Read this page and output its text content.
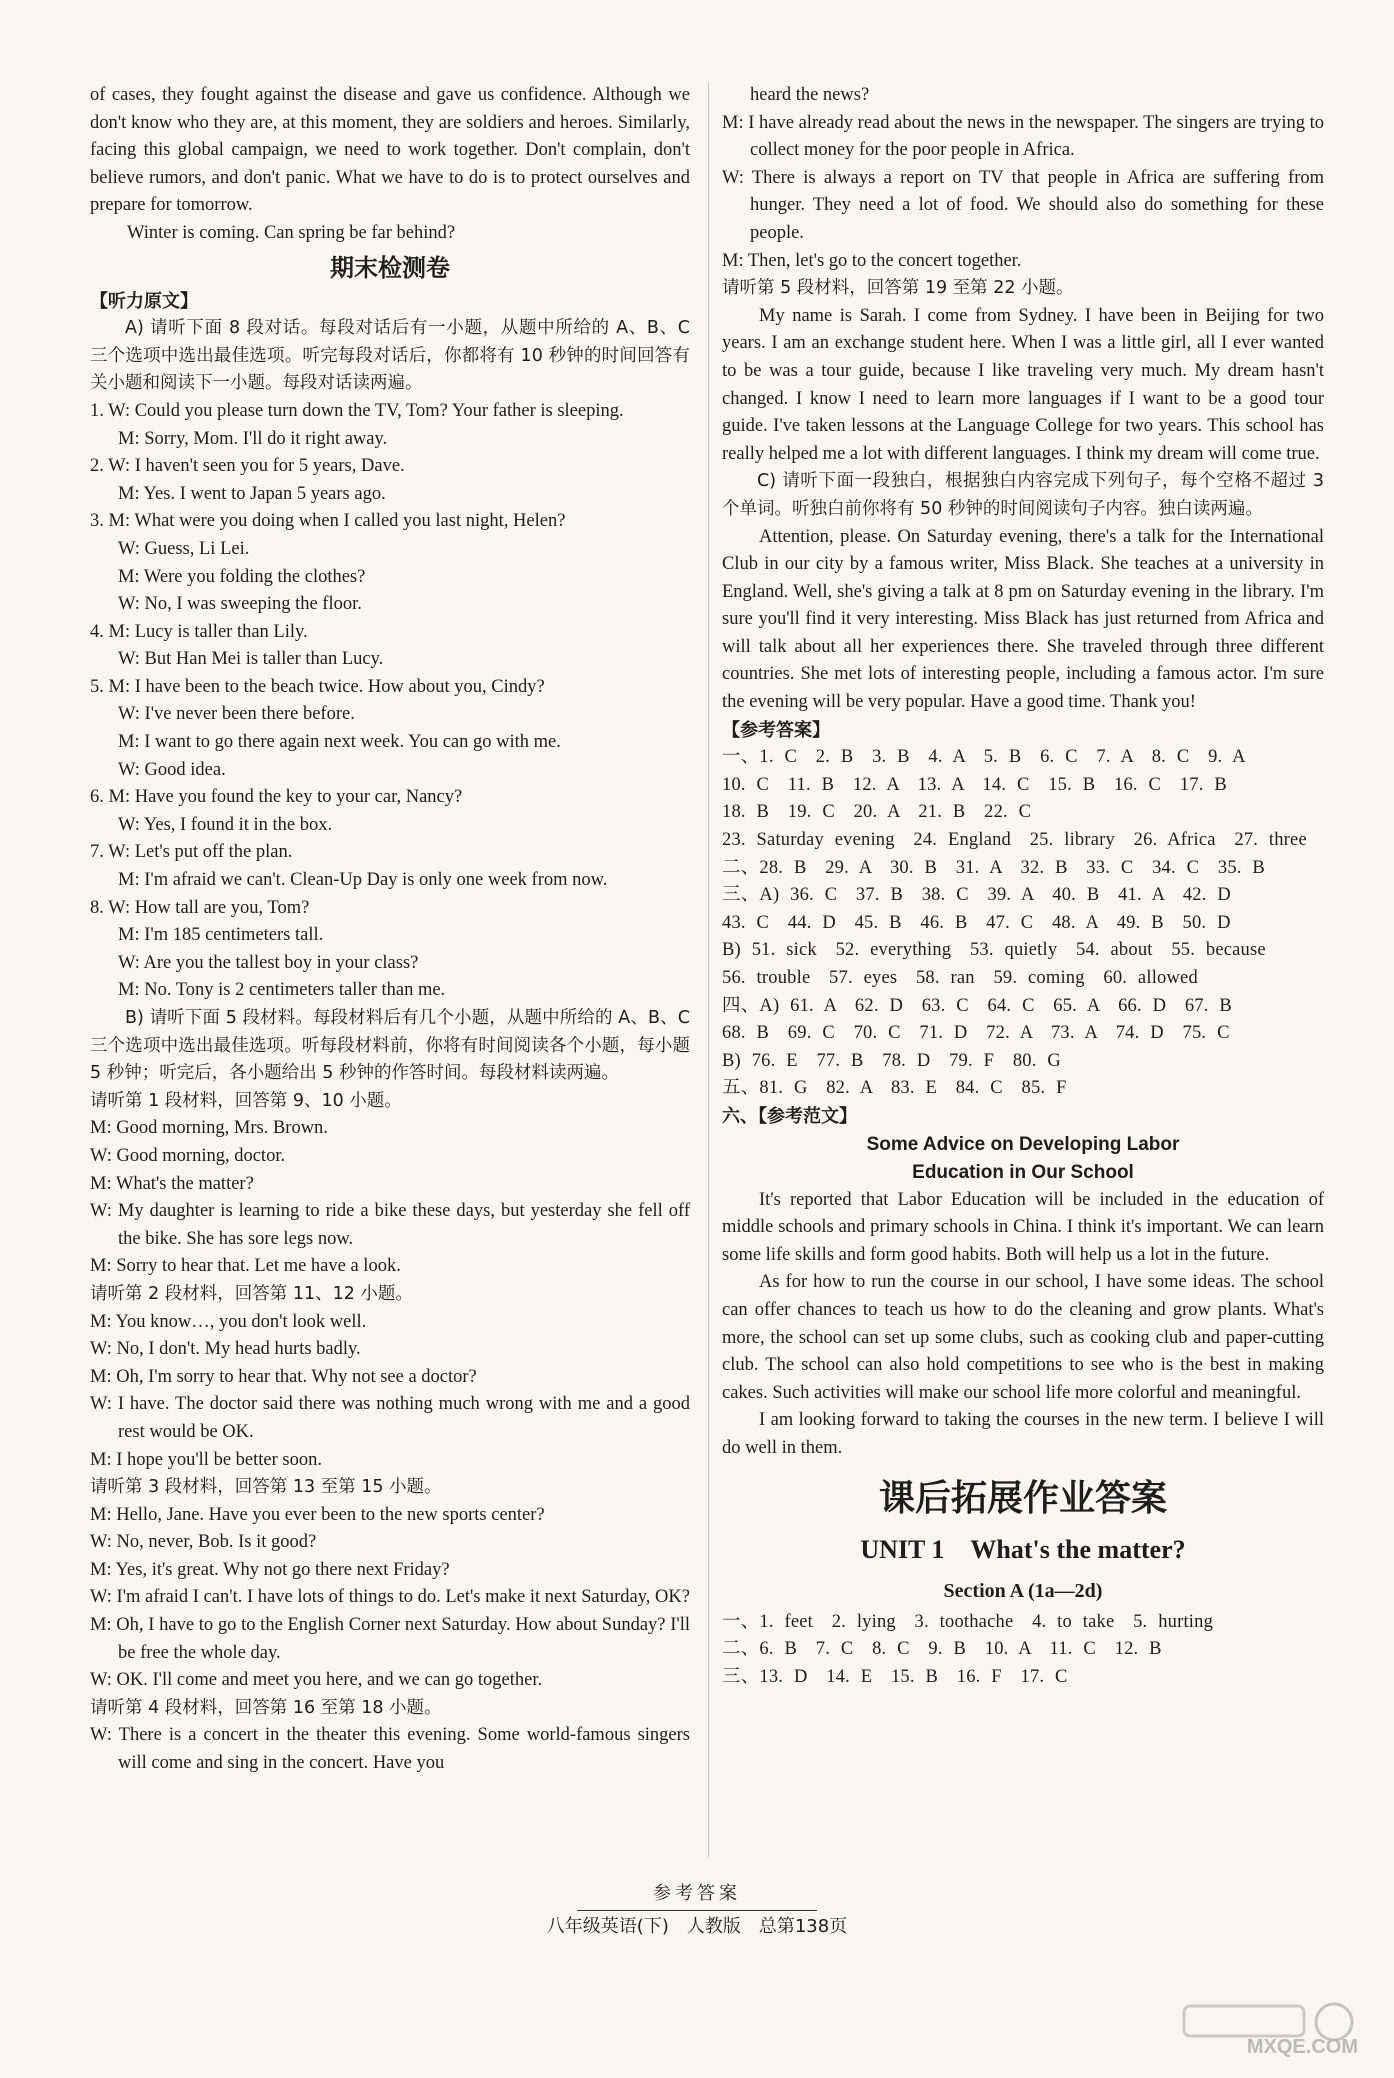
of cases, they fought against the disease and gave us confidence. Although we don't know who they are, at this moment, they are soldiers and heroes. Similarly, facing this global campaign, we need to work together. Don't complain, don't believe rumors, and don't panic. What we have to do is to protect ourselves and prepare for tomorrow.

Winter is coming. Can spring be far behind?

期末检测卷
【听力原文】

A) 请听下面 8 段对话。每段对话后有一小题，从题中所给的 A、B、C 三个选项中选出最佳选项。听完每段对话后，你都将有 10 秒钟的时间回答有关小题和阅读下一小题。每段对话读两遍。

1. W: Could you please turn down the TV, Tom? Your father is sleeping.

M: Sorry, Mom. I'll do it right away.

2. W: I haven't seen you for 5 years, Dave.

M: Yes. I went to Japan 5 years ago.

3. M: What were you doing when I called you last night, Helen?

W: Guess, Li Lei.

M: Were you folding the clothes?

W: No, I was sweeping the floor.

4. M: Lucy is taller than Lily.

W: But Han Mei is taller than Lucy.

5. M: I have been to the beach twice. How about you, Cindy?

W: I've never been there before.

M: I want to go there again next week. You can go with me.

W: Good idea.

6. M: Have you found the key to your car, Nancy?

W: Yes, I found it in the box.

7. W: Let's put off the plan.

M: I'm afraid we can't. Clean-Up Day is only one week from now.

8. W: How tall are you, Tom?

M: I'm 185 centimeters tall.

W: Are you the tallest boy in your class?

M: No. Tony is 2 centimeters taller than me.

B) 请听下面 5 段材料。每段材料后有几个小题，从题中所给的 A、B、C 三个选项中选出最佳选项。听每段材料前，你将有时间阅读各个小题，每小题 5 秒钟；听完后，各小题给出 5 秒钟的作答时间。每段材料读两遍。

请听第 1 段材料，回答第 9、10 小题。

M: Good morning, Mrs. Brown.

W: Good morning, doctor.

M: What's the matter?

W: My daughter is learning to ride a bike these days, but yesterday she fell off the bike. She has sore legs now.

M: Sorry to hear that. Let me have a look.

请听第 2 段材料，回答第 11、12 小题。

M: You know…, you don't look well.

W: No, I don't. My head hurts badly.

M: Oh, I'm sorry to hear that. Why not see a doctor?

W: I have. The doctor said there was nothing much wrong with me and a good rest would be OK.

M: I hope you'll be better soon.

请听第 3 段材料，回答第 13 至第 15 小题。

M: Hello, Jane. Have you ever been to the new sports center?

W: No, never, Bob. Is it good?

M: Yes, it's great. Why not go there next Friday?

W: I'm afraid I can't. I have lots of things to do. Let's make it next Saturday, OK?

M: Oh, I have to go to the English Corner next Saturday. How about Sunday? I'll be free the whole day.

W: OK. I'll come and meet you here, and we can go together.

请听第 4 段材料，回答第 16 至第 18 小题。

W: There is a concert in the theater this evening. Some world-famous singers will come and sing in the concert. Have you

heard the news?

M: I have already read about the news in the newspaper. The singers are trying to collect money for the poor people in Africa.

W: There is always a report on TV that people in Africa are suffering from hunger. They need a lot of food. We should also do something for these people.

M: Then, let's go to the concert together.

请听第 5 段材料，回答第 19 至第 22 小题。

My name is Sarah. I come from Sydney. I have been in Beijing for two years. I am an exchange student here. When I was a little girl, all I ever wanted to be was a tour guide, because I like traveling very much. My dream hasn't changed. I know I need to learn more languages if I want to be a good tour guide. I've taken lessons at the Language College for two years. This school has really helped me a lot with different languages. I think my dream will come true.

C) 请听下面一段独白，根据独白内容完成下列句子，每个空格不超过 3 个单词。听独白前你将有 50 秒钟的时间阅读句子内容。独白读两遍。

Attention, please. On Saturday evening, there's a talk for the International Club in our city by a famous writer, Miss Black. She teaches at a university in England. Well, she's giving a talk at 8 pm on Saturday evening in the library. I'm sure you'll find it very interesting. Miss Black has just returned from Africa and will talk about all her experiences there. She traveled through three different countries. She met lots of interesting people, including a famous actor. I'm sure the evening will be very popular. Have a good time. Thank you!

【参考答案】

一、1. C　2. B　3. B　4. A　5. B　6. C　7. A　8. C　9. A

10. C　11. B　12. A　13. A　14. C　15. B　16. C　17. B

18. B　19. C　20. A　21. B　22. C

23. Saturday evening　24. England　25. library　26. Africa　27. three

二、28. B　29. A　30. B　31. A　32. B　33. C　34. C　35. B

三、A) 36. C　37. B　38. C　39. A　40. B　41. A　42. D

43. C　44. D　45. B　46. B　47. C　48. A　49. B　50. D

B) 51. sick　52. everything　53. quietly　54. about　55. because

56. trouble　57. eyes　58. ran　59. coming　60. allowed

四、A) 61. A　62. D　63. C　64. C　65. A　66. D　67. B

68. B　69. C　70. C　71. D　72. A　73. A　74. D　75. C

B) 76. E　77. B　78. D　79. F　80. G

五、81. G　82. A　83. E　84. C　85. F

六、【参考范文】
Some Advice on Developing Labor
Education in Our School

It's reported that Labor Education will be included in the education of middle schools and primary schools in China. I think it's important. We can learn some life skills and form good habits. Both will help us a lot in the future.

As for how to run the course in our school, I have some ideas. The school can offer chances to teach us how to do the cleaning and grow plants. What's more, the school can set up some clubs, such as cooking club and paper-cutting club. The school can also hold competitions to see who is the best in making cakes. Such activities will make our school life more colorful and meaningful.

I am looking forward to taking the courses in the new term. I believe I will do well in them.

课后拓展作业答案
UNIT 1　What's the matter?
Section A (1a—2d)

一、1. feet　2. lying　3. toothache　4. to take　5. hurting

二、6. B　7. C　8. C　9. B　10. A　11. C　12. B

三、13. D　14. E　15. B　16. F　17. C

参考答案
八年级英语(下)　人教版　总第138页
MXQE.COM
